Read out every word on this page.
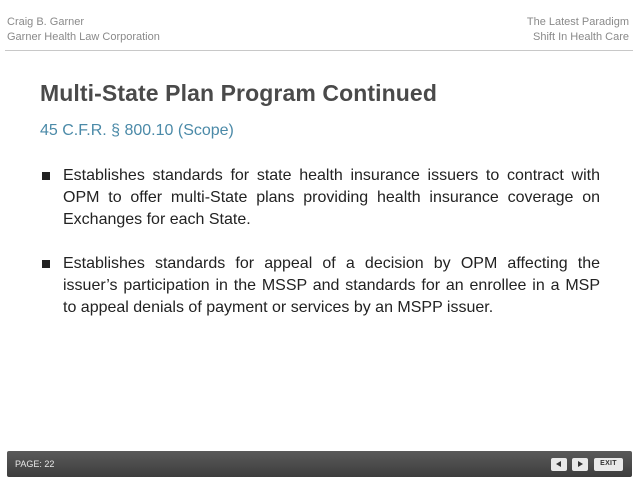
Craig B. Garner
Garner Health Law Corporation
The Latest Paradigm
Shift In Health Care
Multi-State Plan Program Continued
45 C.F.R. § 800.10 (Scope)
Establishes standards for state health insurance issuers to contract with OPM to offer multi-State plans providing health insurance coverage on Exchanges for each State.
Establishes standards for appeal of a decision by OPM affecting the issuer’s participation in the MSSP and standards for an enrollee in a MSP to appeal denials of payment or services by an MSPP issuer.
PAGE: 22	EXIT
